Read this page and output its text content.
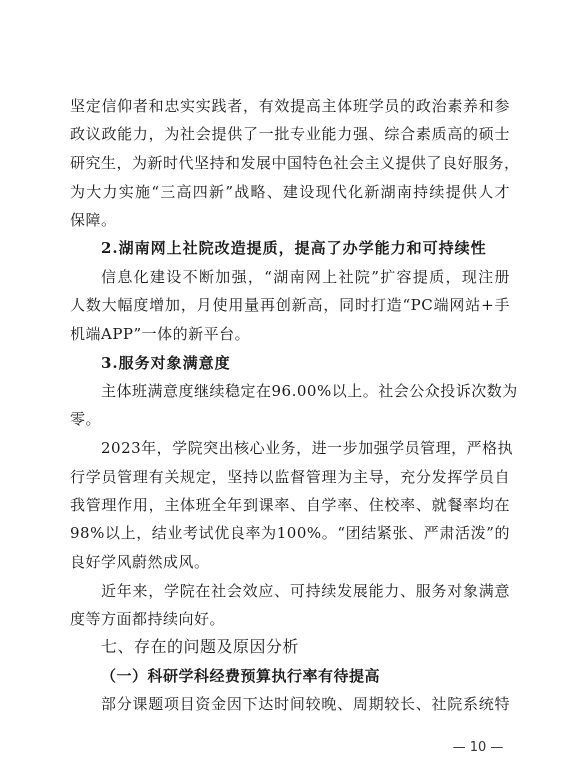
坚定信仰者和忠实实践者，有效提高主体班学员的政治素养和参
政议政能力，为社会提供了一批专业能力强、综合素质高的硕士
研究生，为新时代坚持和发展中国特色社会主义提供了良好服务，
为大力实施“三高四新”战略、建设现代化新湖南持续提供人才
保障。
2.湖南网上社院改造提质，提高了办学能力和可持续性
信息化建设不断加强，“湖南网上社院”扩容提质，现注册
人数大幅度增加，月使用量再创新高，同时打造“PC端网站+手
机端APP”一体的新平台。
3.服务对象满意度
主体班满意度继续稳定在96.00%以上。社会公众投诉次数为
零。
2023年，学院突出核心业务，进一步加强学员管理，严格执
行学员管理有关规定，坚持以监督管理为主导，充分发挥学员自
我管理作用，主体班全年到课率、自学率、住校率、就餐率均在
98%以上，结业考试优良率为100%。“团结紧张、严肃活泼”的
良好学风蔚然成风。
近年来，学院在社会效应、可持续发展能力、服务对象满意
度等方面都持续向好。
七、存在的问题及原因分析
（一）科研学科经费预算执行率有待提高
部分课题项目资金因下达时间较晚、周期较长、社院系统特
— 10 —
